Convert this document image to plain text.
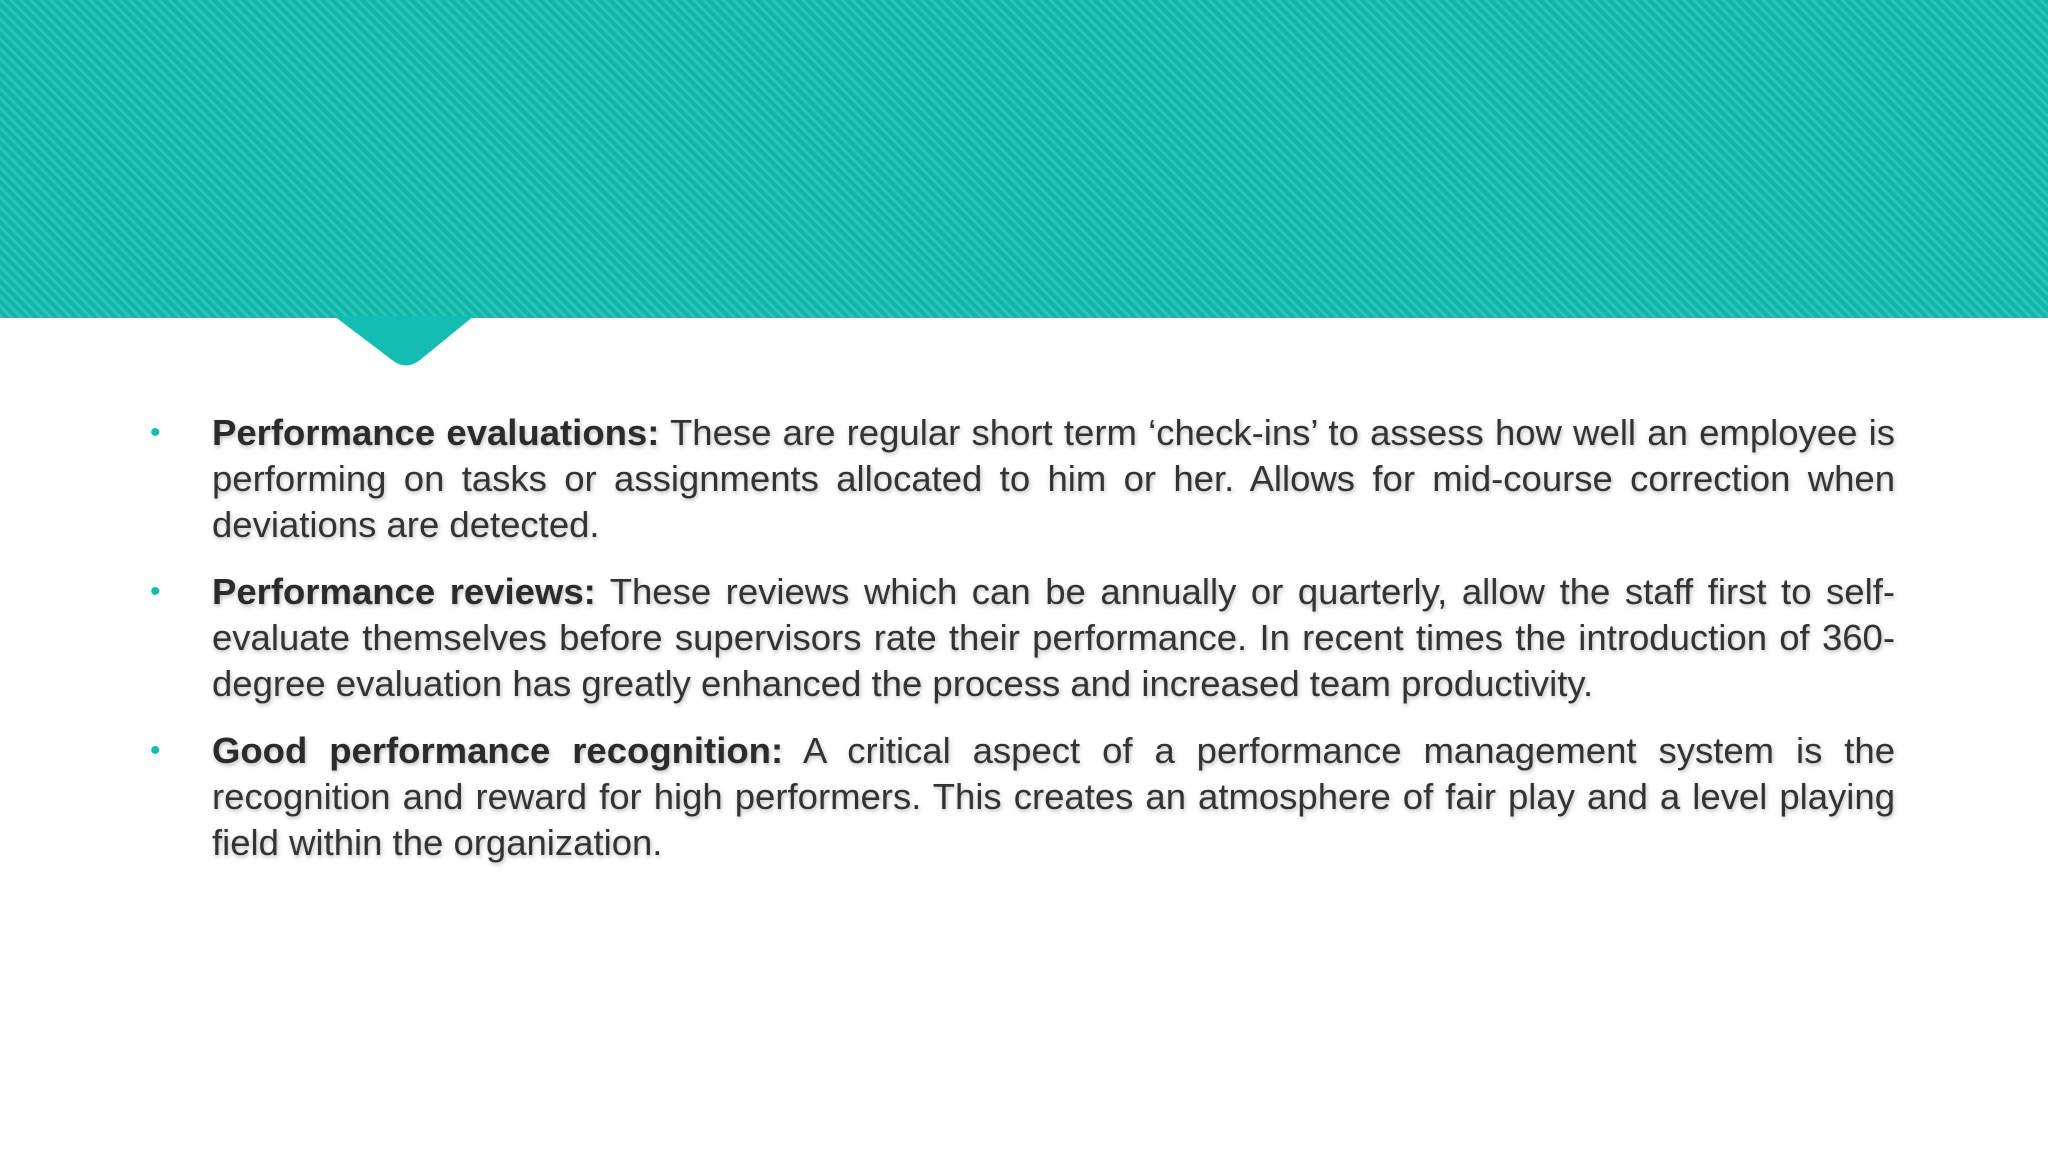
• Performance evaluations: These are regular short term ‘check-ins’ to assess how well an employee is performing on tasks or assignments allocated to him or her. Allows for mid-course correction when deviations are detected.
• Performance reviews: These reviews which can be annually or quarterly, allow the staff first to self-evaluate themselves before supervisors rate their performance. In recent times the introduction of 360-degree evaluation has greatly enhanced the process and increased team productivity.
• Good performance recognition: A critical aspect of a performance management system is the recognition and reward for high performers. This creates an atmosphere of fair play and a level playing field within the organization.
